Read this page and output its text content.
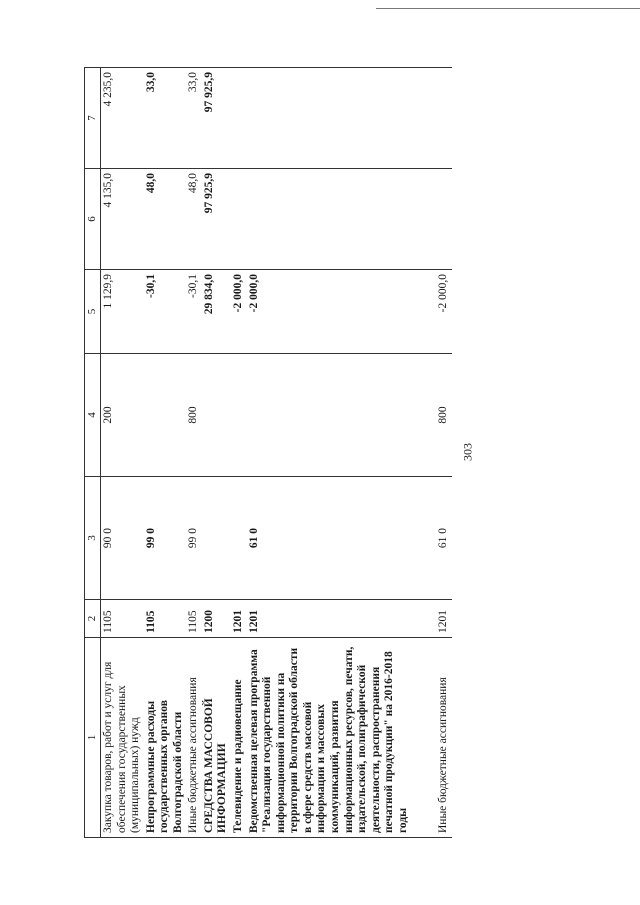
303
1	2	3	4	5	6	7
Закупка товаров, работ и услуг для обеспечения государственных (муниципальных) нужд	1105	90 0	200	1 129,9	4 135,0	4 235,0
Непрограммные расходы государственных органов Волгоградской области	1105	99 0		-30,1	48,0	33,0
Иные бюджетные ассигнования	1105	99 0	800	-30,1	48,0	33,0
СРЕДСТВА МАССОВОЙ ИНФОРМАЦИИ	1200			29 834,0	97 925,9	97 925,9
Телевидение и радиовещание	1201			-2 000,0		
Ведомственная целевая программа "Реализация государственной информационной политики на территории Волгоградской области в сфере средств массовой информации и массовых коммуникаций, развития информационных ресурсов, печати, издательской, полиграфической деятельности, распространения печатной продукции" на 2016-2018 годы	1201	61 0		-2 000,0		
Иные бюджетные ассигнования	1201	61 0	800	-2 000,0		
